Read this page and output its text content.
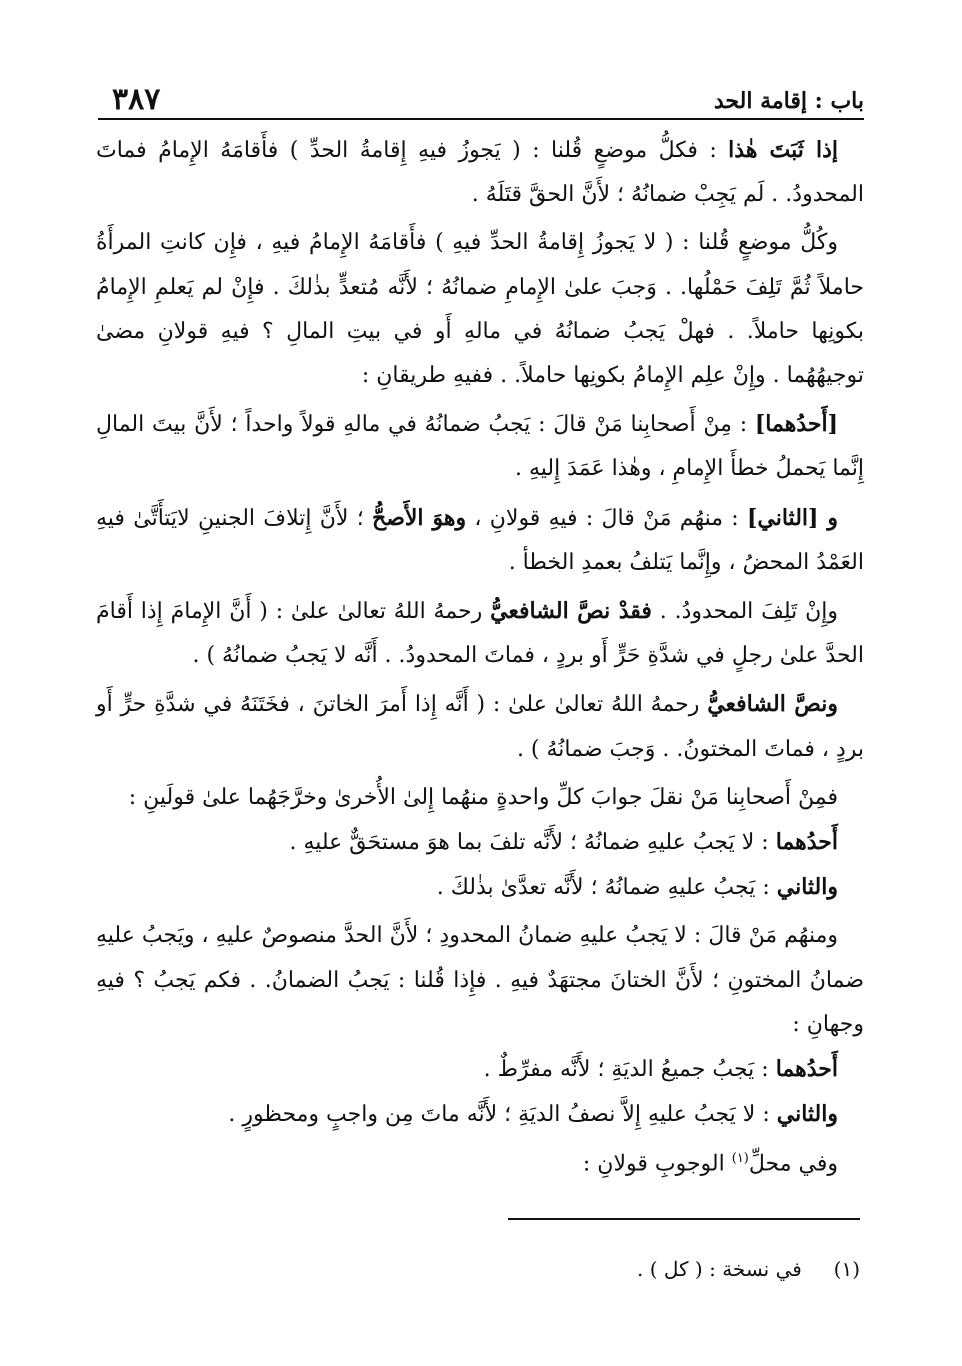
٣٨٧	باب : إقامة الحد

إذا ثَبَتَ هٰذا : فكلُّ موضعٍ قُلنا : ( يَجوزُ فيهِ إِقامةُ الحدِّ ) فأَقامَهُ الإِمامُ فماتَ المحدودُ. . لَم يَجِبْ ضمانُهُ ؛ لأَنَّ الحقَّ قتَلَهُ .

وكُلُّ موضعٍ قُلنا : ( لا يَجوزُ إِقامةُ الحدِّ فيهِ ) فأَقامَهُ الإِمامُ فيهِ ، فإِن كانتِ المرأَةُ حاملاً ثُمَّ تَلِفَ حَمْلُها. . وَجبَ علىٰ الإِمامِ ضمانُهُ ؛ لأَنَّه مُتعدٍّ بذٰلكَ . فإِنْ لم يَعلمِ الإِمامُ بكونِها حاملاً. . فهلْ يَجبُ ضمانُهُ في مالهِ أَو في بيتِ المالِ ؟ فيهِ قولانِ مضىٰ توجيهُهُما . وإِنْ علِم الإِمامُ بكونِها حاملاً. . ففيهِ طريقانِ :

[أَحدُهما] : مِنْ أَصحابِنا مَنْ قالَ : يَجبُ ضمانُهُ في مالهِ قولاً واحداً ؛ لأَنَّ بيتَ المالِ إِنَّما يَحملُ خطأَ الإِمامِ ، وهٰذا عَمَدَ إِليهِ .

و [الثاني] : منهُم مَنْ قالَ : فيهِ قولانِ ، وهوَ الأَصحُّ ؛ لأَنَّ إِتلافَ الجنينِ لايَتأَتَّىٰ فيهِ العَمْدُ المحضُ ، وإِنَّما يَتلفُ بعمدِ الخطأ .

وإِنْ تَلِفَ المحدودُ. . فقدْ نصَّ الشافعيُّ رحمهُ اللهُ تعالىٰ علىٰ : ( أَنَّ الإِمامَ إِذا أَقامَ الحدَّ علىٰ رجلٍ في شدَّةِ حَرٍّ أَو بردٍ ، فماتَ المحدودُ. . أَنَّه لا يَجبُ ضمانُهُ ) .

ونصَّ الشافعيُّ رحمهُ اللهُ تعالىٰ علىٰ : ( أَنَّه إِذا أَمرَ الخاتنَ ، فخَتَنَهُ في شدَّةِ حرٍّ أَو بردٍ ، فماتَ المختونُ. . وَجبَ ضمانُهُ ) .

فمِنْ أَصحابِنا مَنْ نقلَ جوابَ كلِّ واحدةٍ منهُما إِلىٰ الأُخرىٰ وخرَّجَهُما علىٰ قولَينِ :

أَحدُهما : لا يَجبُ عليهِ ضمانُهُ ؛ لأَنَّه تلفَ بما هوَ مستحَقٌّ عليهِ .

والثاني : يَجبُ عليهِ ضمانُهُ ؛ لأَنَّه تعدَّىٰ بذٰلكَ .

ومنهُم مَنْ قالَ : لا يَجبُ عليهِ ضمانُ المحدودِ ؛ لأَنَّ الحدَّ منصوصٌ عليهِ ، ويَجبُ عليهِ ضمانُ المختونِ ؛ لأَنَّ الختانَ مجتهَدٌ فيهِ . فإِذا قُلنا : يَجبُ الضمانُ. . فكم يَجبُ ؟ فيهِ وجهانِ :

أَحدُهما : يَجبُ جميعُ الديَةِ ؛ لأَنَّه مفرِّطٌ .

والثاني : لا يَجبُ عليهِ إِلاَّ نصفُ الديَةِ ؛ لأَنَّه ماتَ مِن واجبٍ ومحظورٍ .

وفي محلِّ$^{(١)}$ الوجوبِ قولانِ :

(١)     في نسخة : ( كل ) .
